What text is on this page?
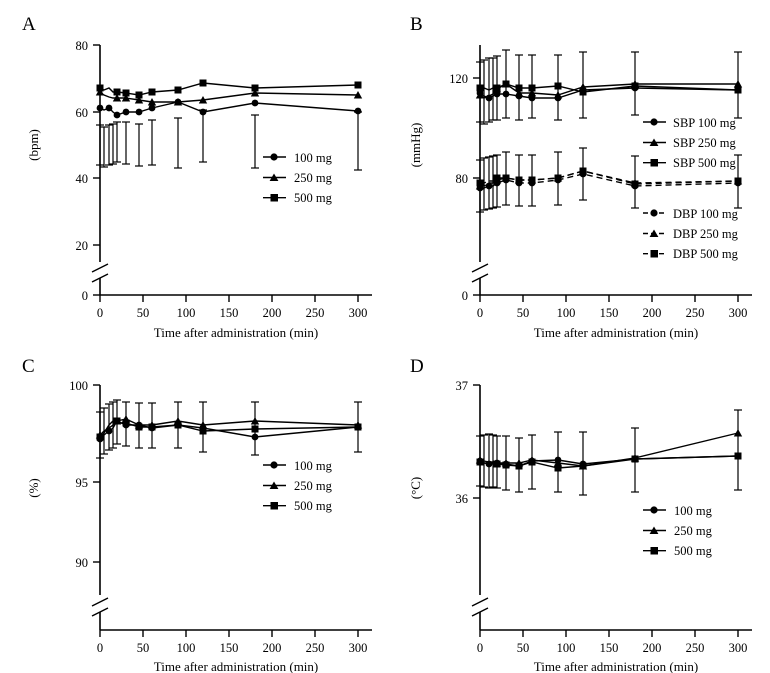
A
0
20
40
60
80
0	50 100 150 200 250 300
Time after administration (min)
(bpm)	100 mg
250 mg
500 mg
B
0
80
120
0	50 100 150 200 250 300
Time after administration (min)
(mmHg)	SBP 100 mg
SBP 250 mg
SBP 500 mg
DBP 100 mg
DBP 250 mg
DBP 500 mg
C
100
95
90
0	50 100 150 200 250 300
Time after administration (min)
(%)
100 mg
250 mg
500 mg
D
37
36
0	50 100 150 200 250 300
Time after administration (min)
(°C)
100 mg
250 mg
500 mg
